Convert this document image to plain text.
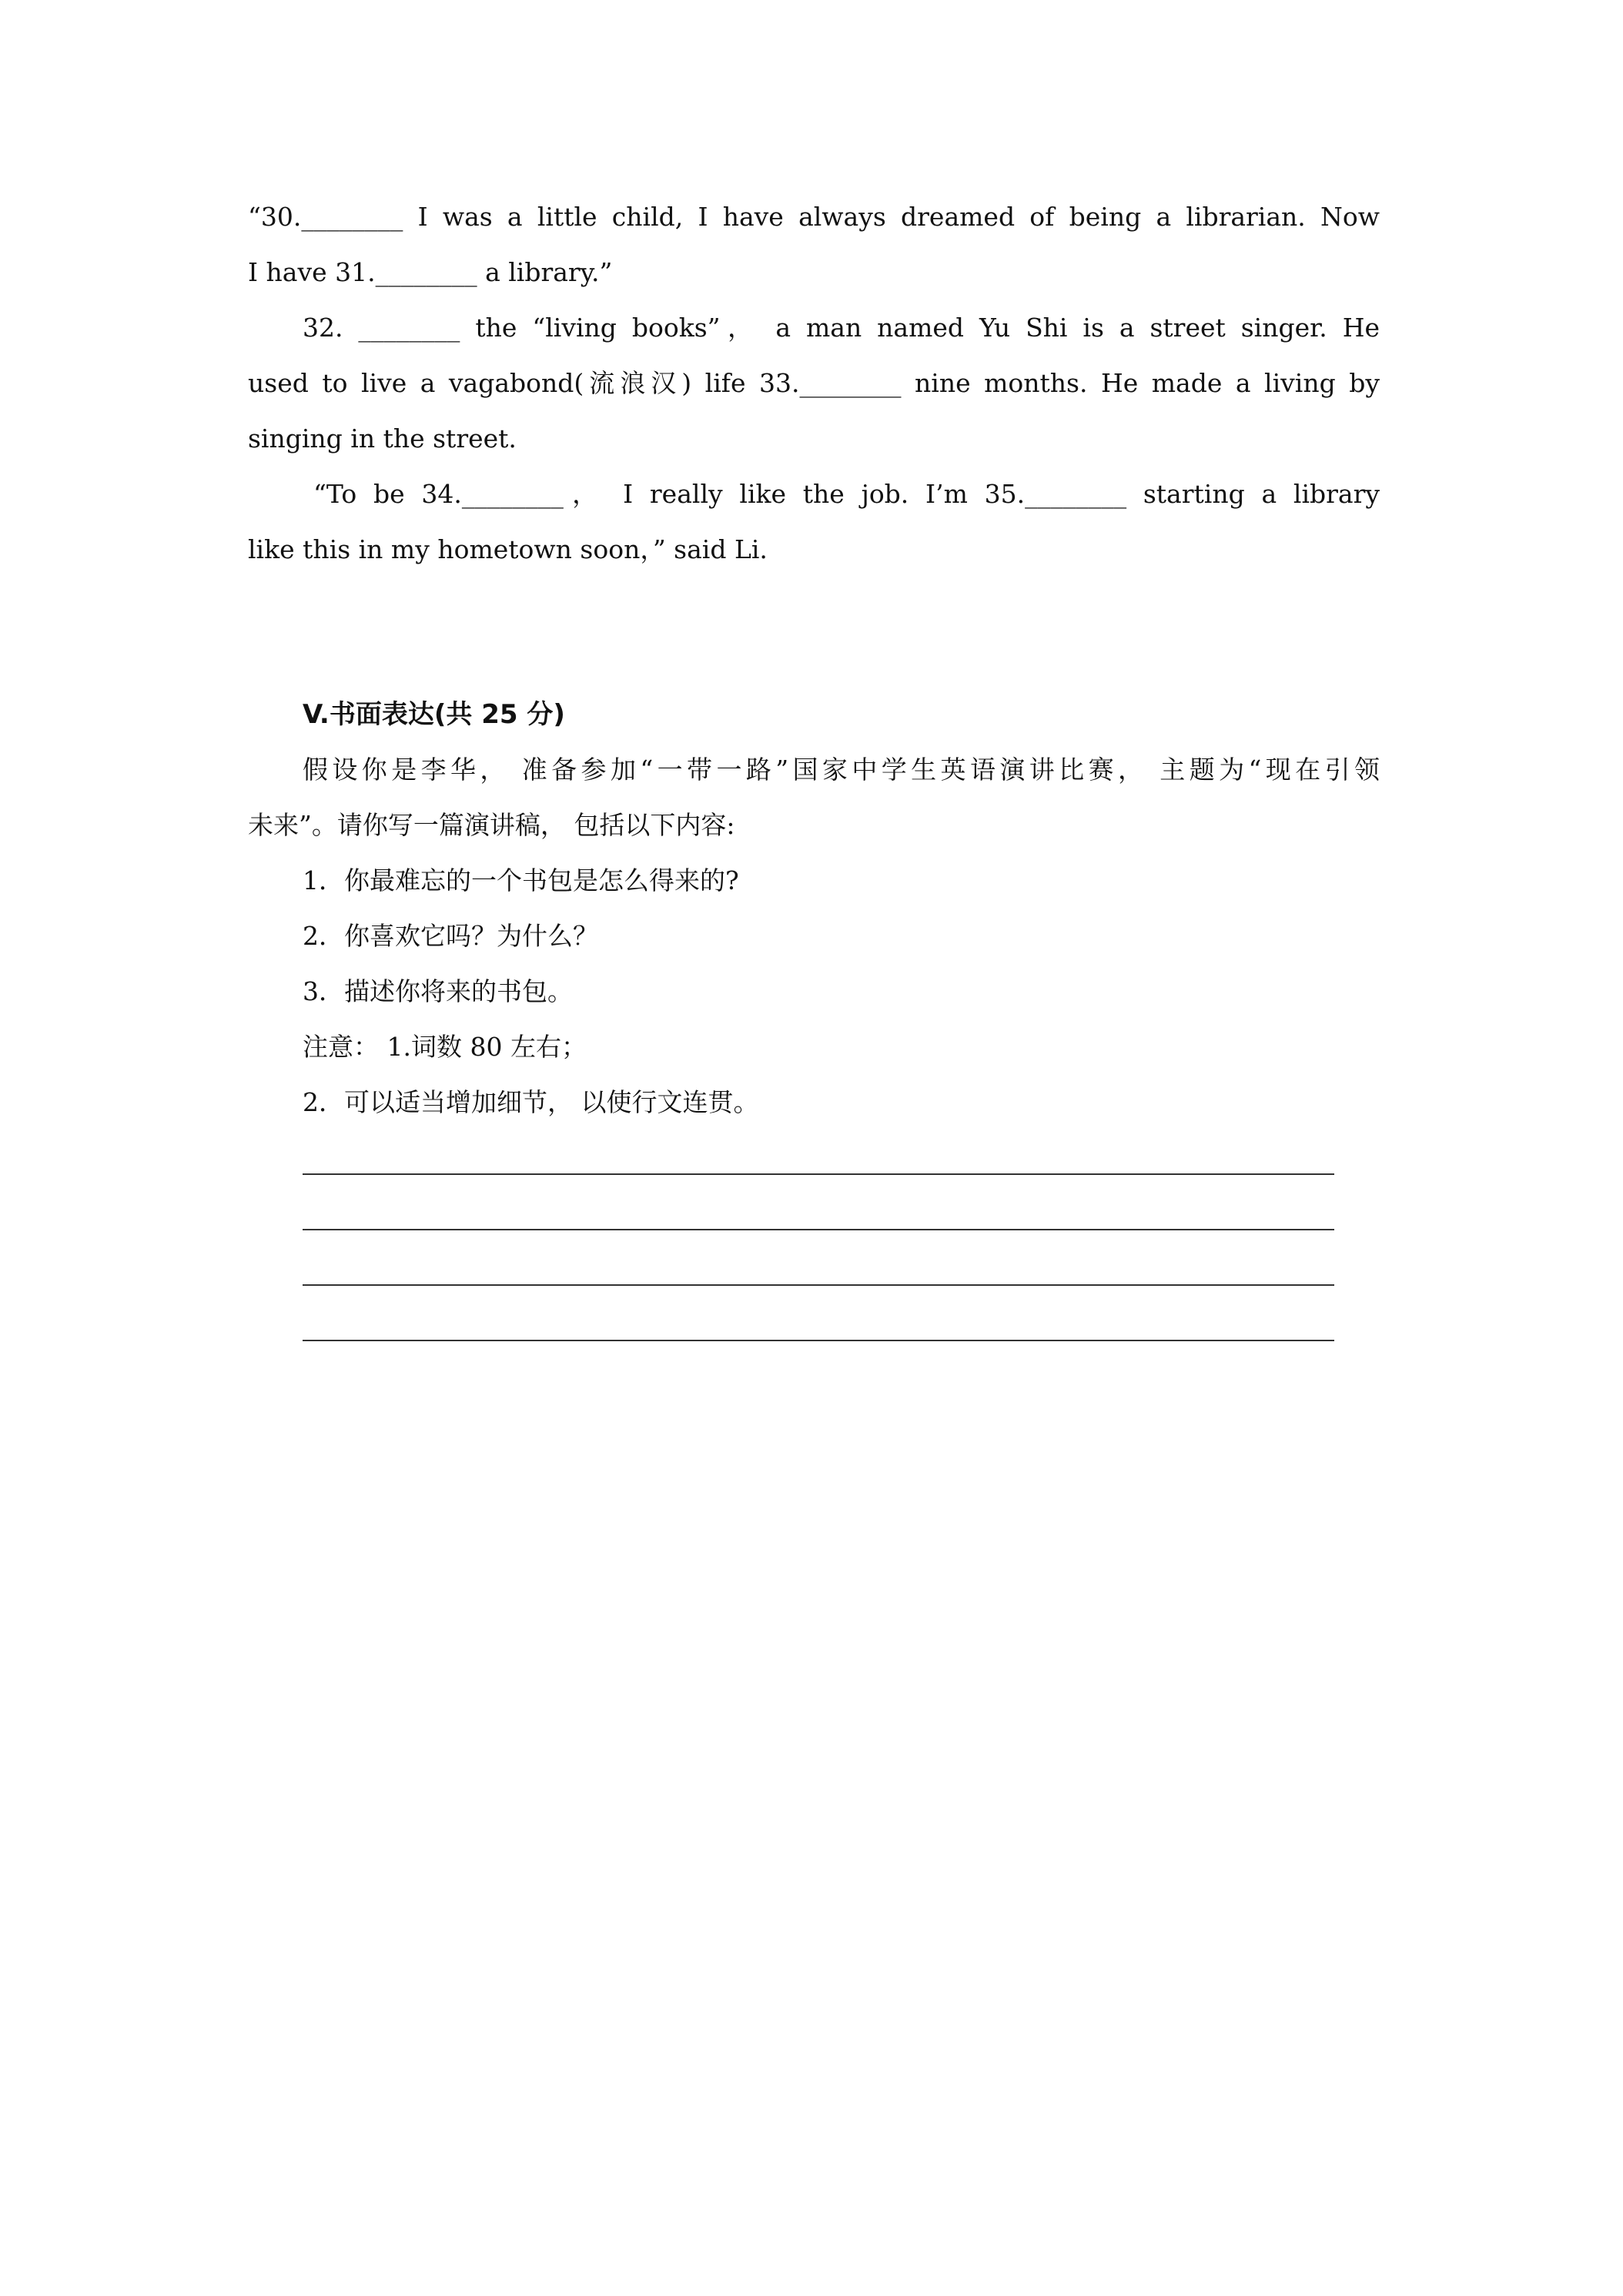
“30.________ I was a little child, I have always dreamed of being a librarian. Now
I have 31.________ a library.”
32. ________ the “living books”， a man named Yu Shi is a street singer. He
used to live a vagabond(流浪汉) life 33.________ nine months. He made a living by
singing in the street.
“To be 34.________， I really like the job. I’m 35.________ starting a library
like this in my hometown soon，” said Li.
V.书面表达(共 25 分)
假设你是李华， 准备参加“一带一路”国家中学生英语演讲比赛， 主题为“现在引领
未来”。请你写一篇演讲稿， 包括以下内容:
1．你最难忘的一个书包是怎么得来的?
2．你喜欢它吗？为什么？
3．描述你将来的书包。
注意： 1.词数 80 左右；
2．可以适当增加细节， 以使行文连贯。
